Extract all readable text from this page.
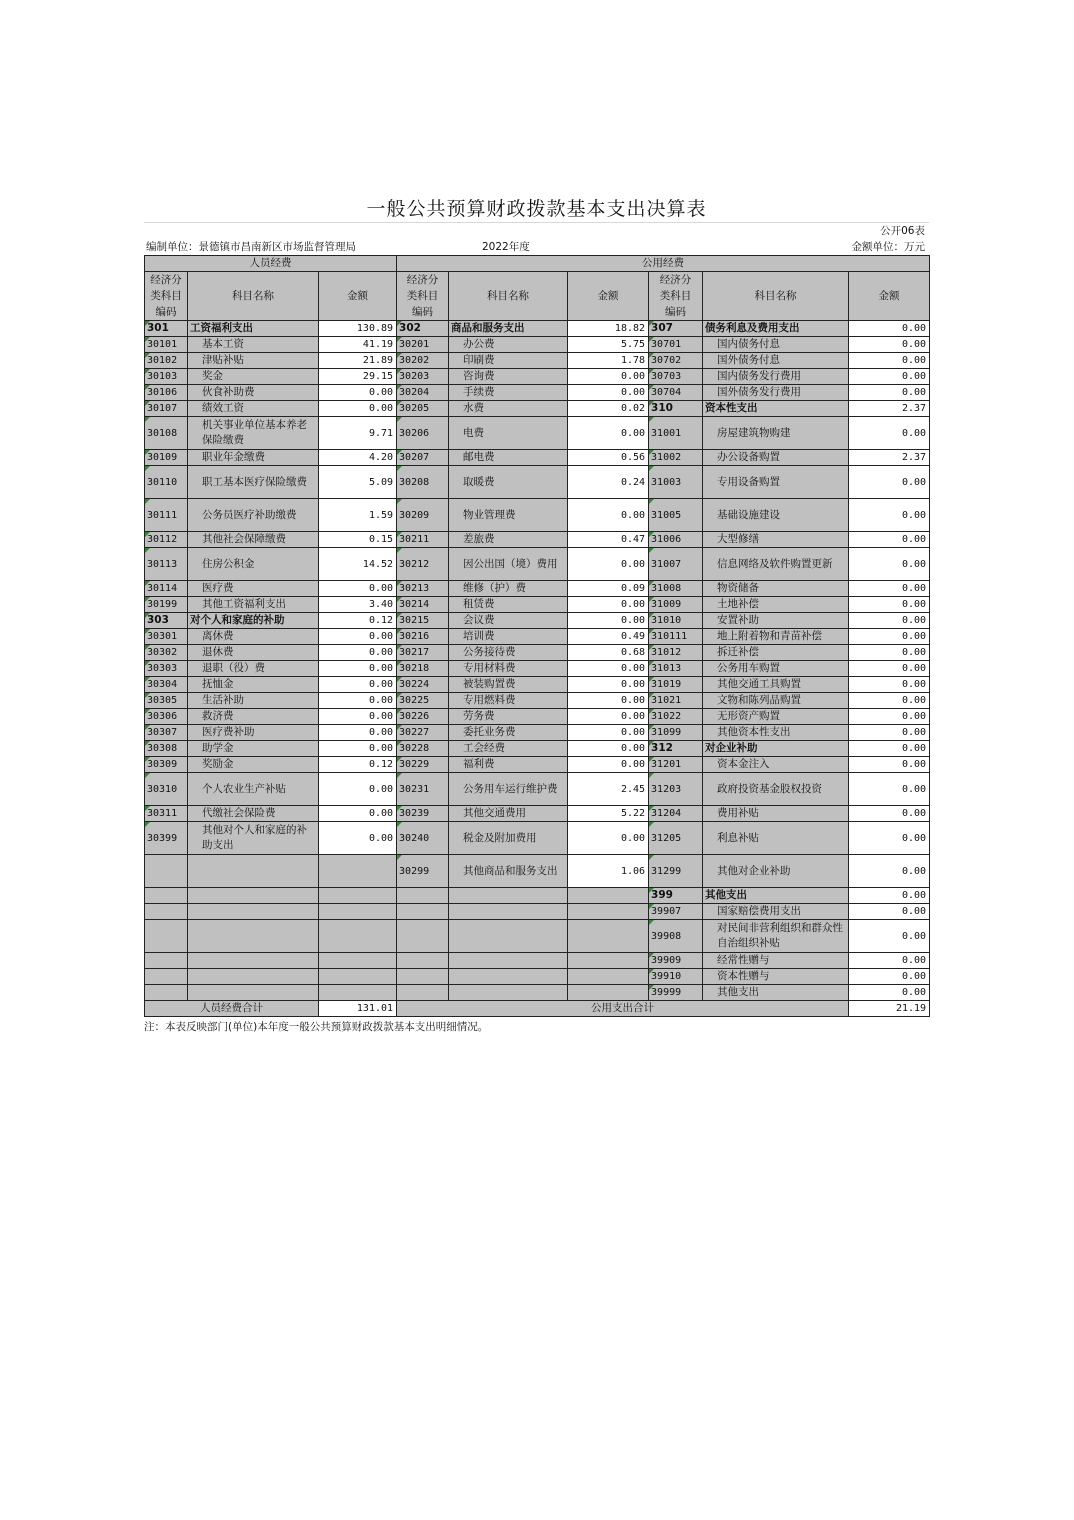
一般公共预算财政拨款基本支出决算表
公开06表
编制单位：景德镇市昌南新区市场监督管理局	2022年度	金额单位：万元
人员经费			公用经费					
经济分
类科目
编码	科目名称	金额	经济分
类科目
编码	科目名称	金额	经济分
类科目
编码	科目名称	金额
301	工资福利支出	130.89	302	商品和服务支出	18.82	307	债务利息及费用支出	0.00
30101	基本工资	41.19	30201	办公费	5.75	30701	国内债务付息	0.00
30102	津贴补贴	21.89	30202	印刷费	1.78	30702	国外债务付息	0.00
30103	奖金	29.15	30203	咨询费	0.00	30703	国内债务发行费用	0.00
30106	伙食补助费	0.00	30204	手续费	0.00	30704	国外债务发行费用	0.00
30107	绩效工资	0.00	30205	水费	0.02	310	资本性支出	2.37
30108	机关事业单位基本养老保险缴费	9.71	30206	电费	0.00	31001	房屋建筑物购建	0.00
30109	职业年金缴费	4.20	30207	邮电费	0.56	31002	办公设备购置	2.37
30110	职工基本医疗保险缴费	5.09	30208	取暖费	0.24	31003	专用设备购置	0.00
30111	公务员医疗补助缴费	1.59	30209	物业管理费	0.00	31005	基础设施建设	0.00
30112	其他社会保障缴费	0.15	30211	差旅费	0.47	31006	大型修缮	0.00
30113	住房公积金	14.52	30212	因公出国（境）费用	0.00	31007	信息网络及软件购置更新	0.00
30114	医疗费	0.00	30213	维修（护）费	0.09	31008	物资储备	0.00
30199	其他工资福利支出	3.40	30214	租赁费	0.00	31009	土地补偿	0.00
303	对个人和家庭的补助	0.12	30215	会议费	0.00	31010	安置补助	0.00
30301	离休费	0.00	30216	培训费	0.49	310111	地上附着物和青苗补偿	0.00
30302	退休费	0.00	30217	公务接待费	0.68	31012	拆迁补偿	0.00
30303	退职（役）费	0.00	30218	专用材料费	0.00	31013	公务用车购置	0.00
30304	抚恤金	0.00	30224	被装购置费	0.00	31019	其他交通工具购置	0.00
30305	生活补助	0.00	30225	专用燃料费	0.00	31021	文物和陈列品购置	0.00
30306	救济费	0.00	30226	劳务费	0.00	31022	无形资产购置	0.00
30307	医疗费补助	0.00	30227	委托业务费	0.00	31099	其他资本性支出	0.00
30308	助学金	0.00	30228	工会经费	0.00	312	对企业补助	0.00
30309	奖励金	0.12	30229	福利费	0.00	31201	资本金注入	0.00
30310	个人农业生产补贴	0.00	30231	公务用车运行维护费	2.45	31203	政府投资基金股权投资	0.00
30311	代缴社会保险费	0.00	30239	其他交通费用	5.22	31204	费用补贴	0.00
30399	其他对个人和家庭的补助支出	0.00	30240	税金及附加费用	0.00	31205	利息补贴	0.00
			30299	其他商品和服务支出	1.06	31299	其他对企业补助	0.00
						399	其他支出	0.00
						39907	国家赔偿费用支出	0.00
						39908	对民间非营利组织和群众性自治组织补贴	0.00
						39909	经常性赠与	0.00
						39910	资本性赠与	0.00
						39999	其他支出	0.00
人员经费合计		131.01	公用支出合计					21.19
注：本表反映部门(单位)本年度一般公共预算财政拨款基本支出明细情况。
